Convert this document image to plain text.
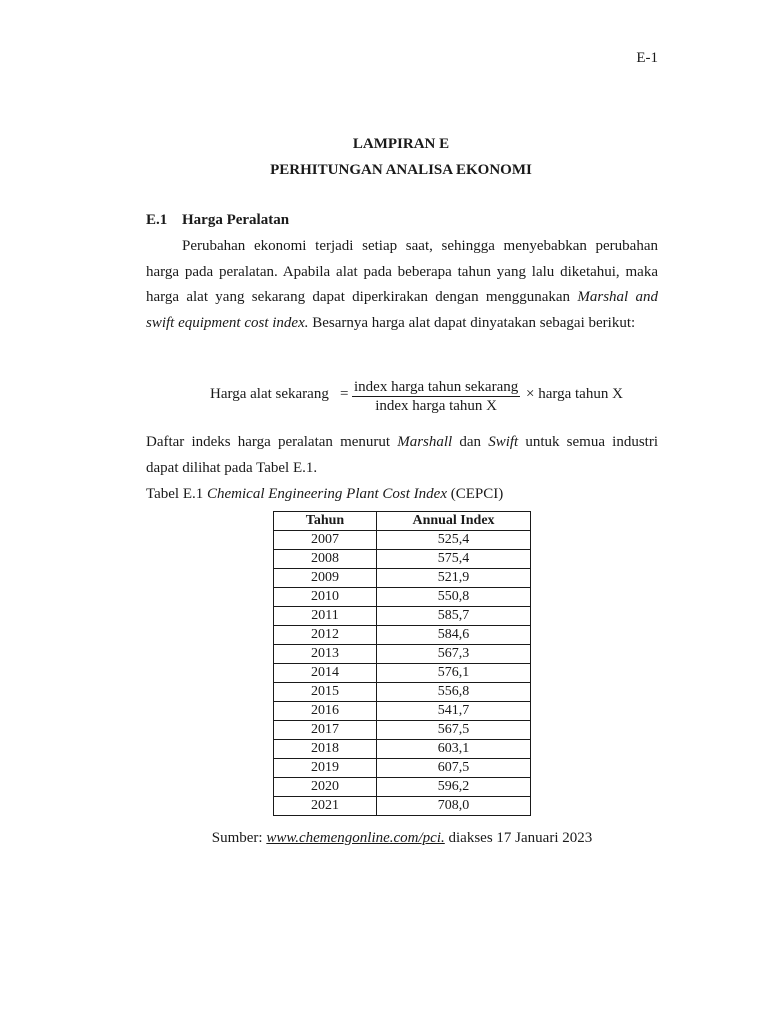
E-1
LAMPIRAN E
PERHITUNGAN ANALISA EKONOMI
E.1 Harga Peralatan

Perubahan ekonomi terjadi setiap saat, sehingga menyebabkan perubahan harga pada peralatan. Apabila alat pada beberapa tahun yang lalu diketahui, maka harga alat yang sekarang dapat diperkirakan dengan menggunakan Marshal and swift equipment cost index. Besarnya harga alat dapat dinyatakan sebagai berikut:

Harga alat sekarang = index harga tahun sekarang
index harga tahun X
× harga tahun X

Daftar indeks harga peralatan menurut Marshall dan Swift untuk semua industri dapat dilihat pada Tabel E.1.

Tabel E.1 Chemical Engineering Plant Cost Index (CEPCI)
Tahun	Annual Index
2007	525,4
2008	575,4
2009	521,9
2010	550,8
2011	585,7
2012	584,6
2013	567,3
2014	576,1
2015	556,8
2016	541,7
2017	567,5
2018	603,1
2019	607,5
2020	596,2
2021	708,0
Sumber: www.chemengonline.com/pci. diakses 17 Januari 2023
